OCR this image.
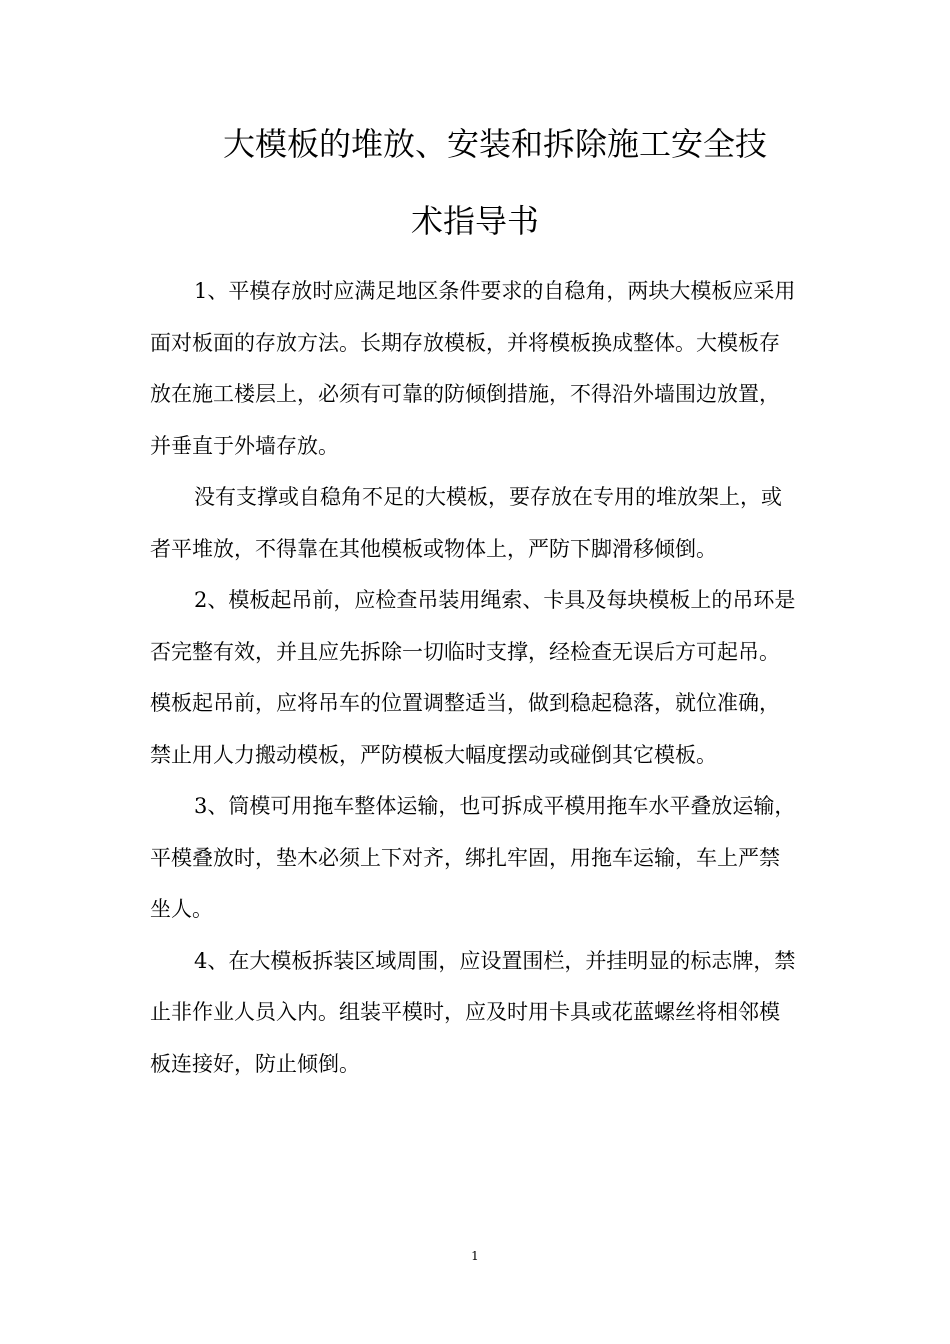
大模板的堆放、安装和拆除施工安全技
术指导书

1、平模存放时应满足地区条件要求的自稳角，两块大模板应采用面对板面的存放方法。长期存放模板，并将模板换成整体。大模板存放在施工楼层上，必须有可靠的防倾倒措施，不得沿外墙围边放置，并垂直于外墙存放。

没有支撑或自稳角不足的大模板，要存放在专用的堆放架上，或者平堆放，不得靠在其他模板或物体上，严防下脚滑移倾倒。

2、模板起吊前，应检查吊装用绳索、卡具及每块模板上的吊环是否完整有效，并且应先拆除一切临时支撑，经检查无误后方可起吊。模板起吊前，应将吊车的位置调整适当，做到稳起稳落，就位准确，禁止用人力搬动模板，严防模板大幅度摆动或碰倒其它模板。

3、筒模可用拖车整体运输，也可拆成平模用拖车水平叠放运输，平模叠放时，垫木必须上下对齐，绑扎牢固，用拖车运输，车上严禁坐人。

4、在大模板拆装区域周围，应设置围栏，并挂明显的标志牌，禁止非作业人员入内。组装平模时，应及时用卡具或花蓝螺丝将相邻模板连接好，防止倾倒。

1
